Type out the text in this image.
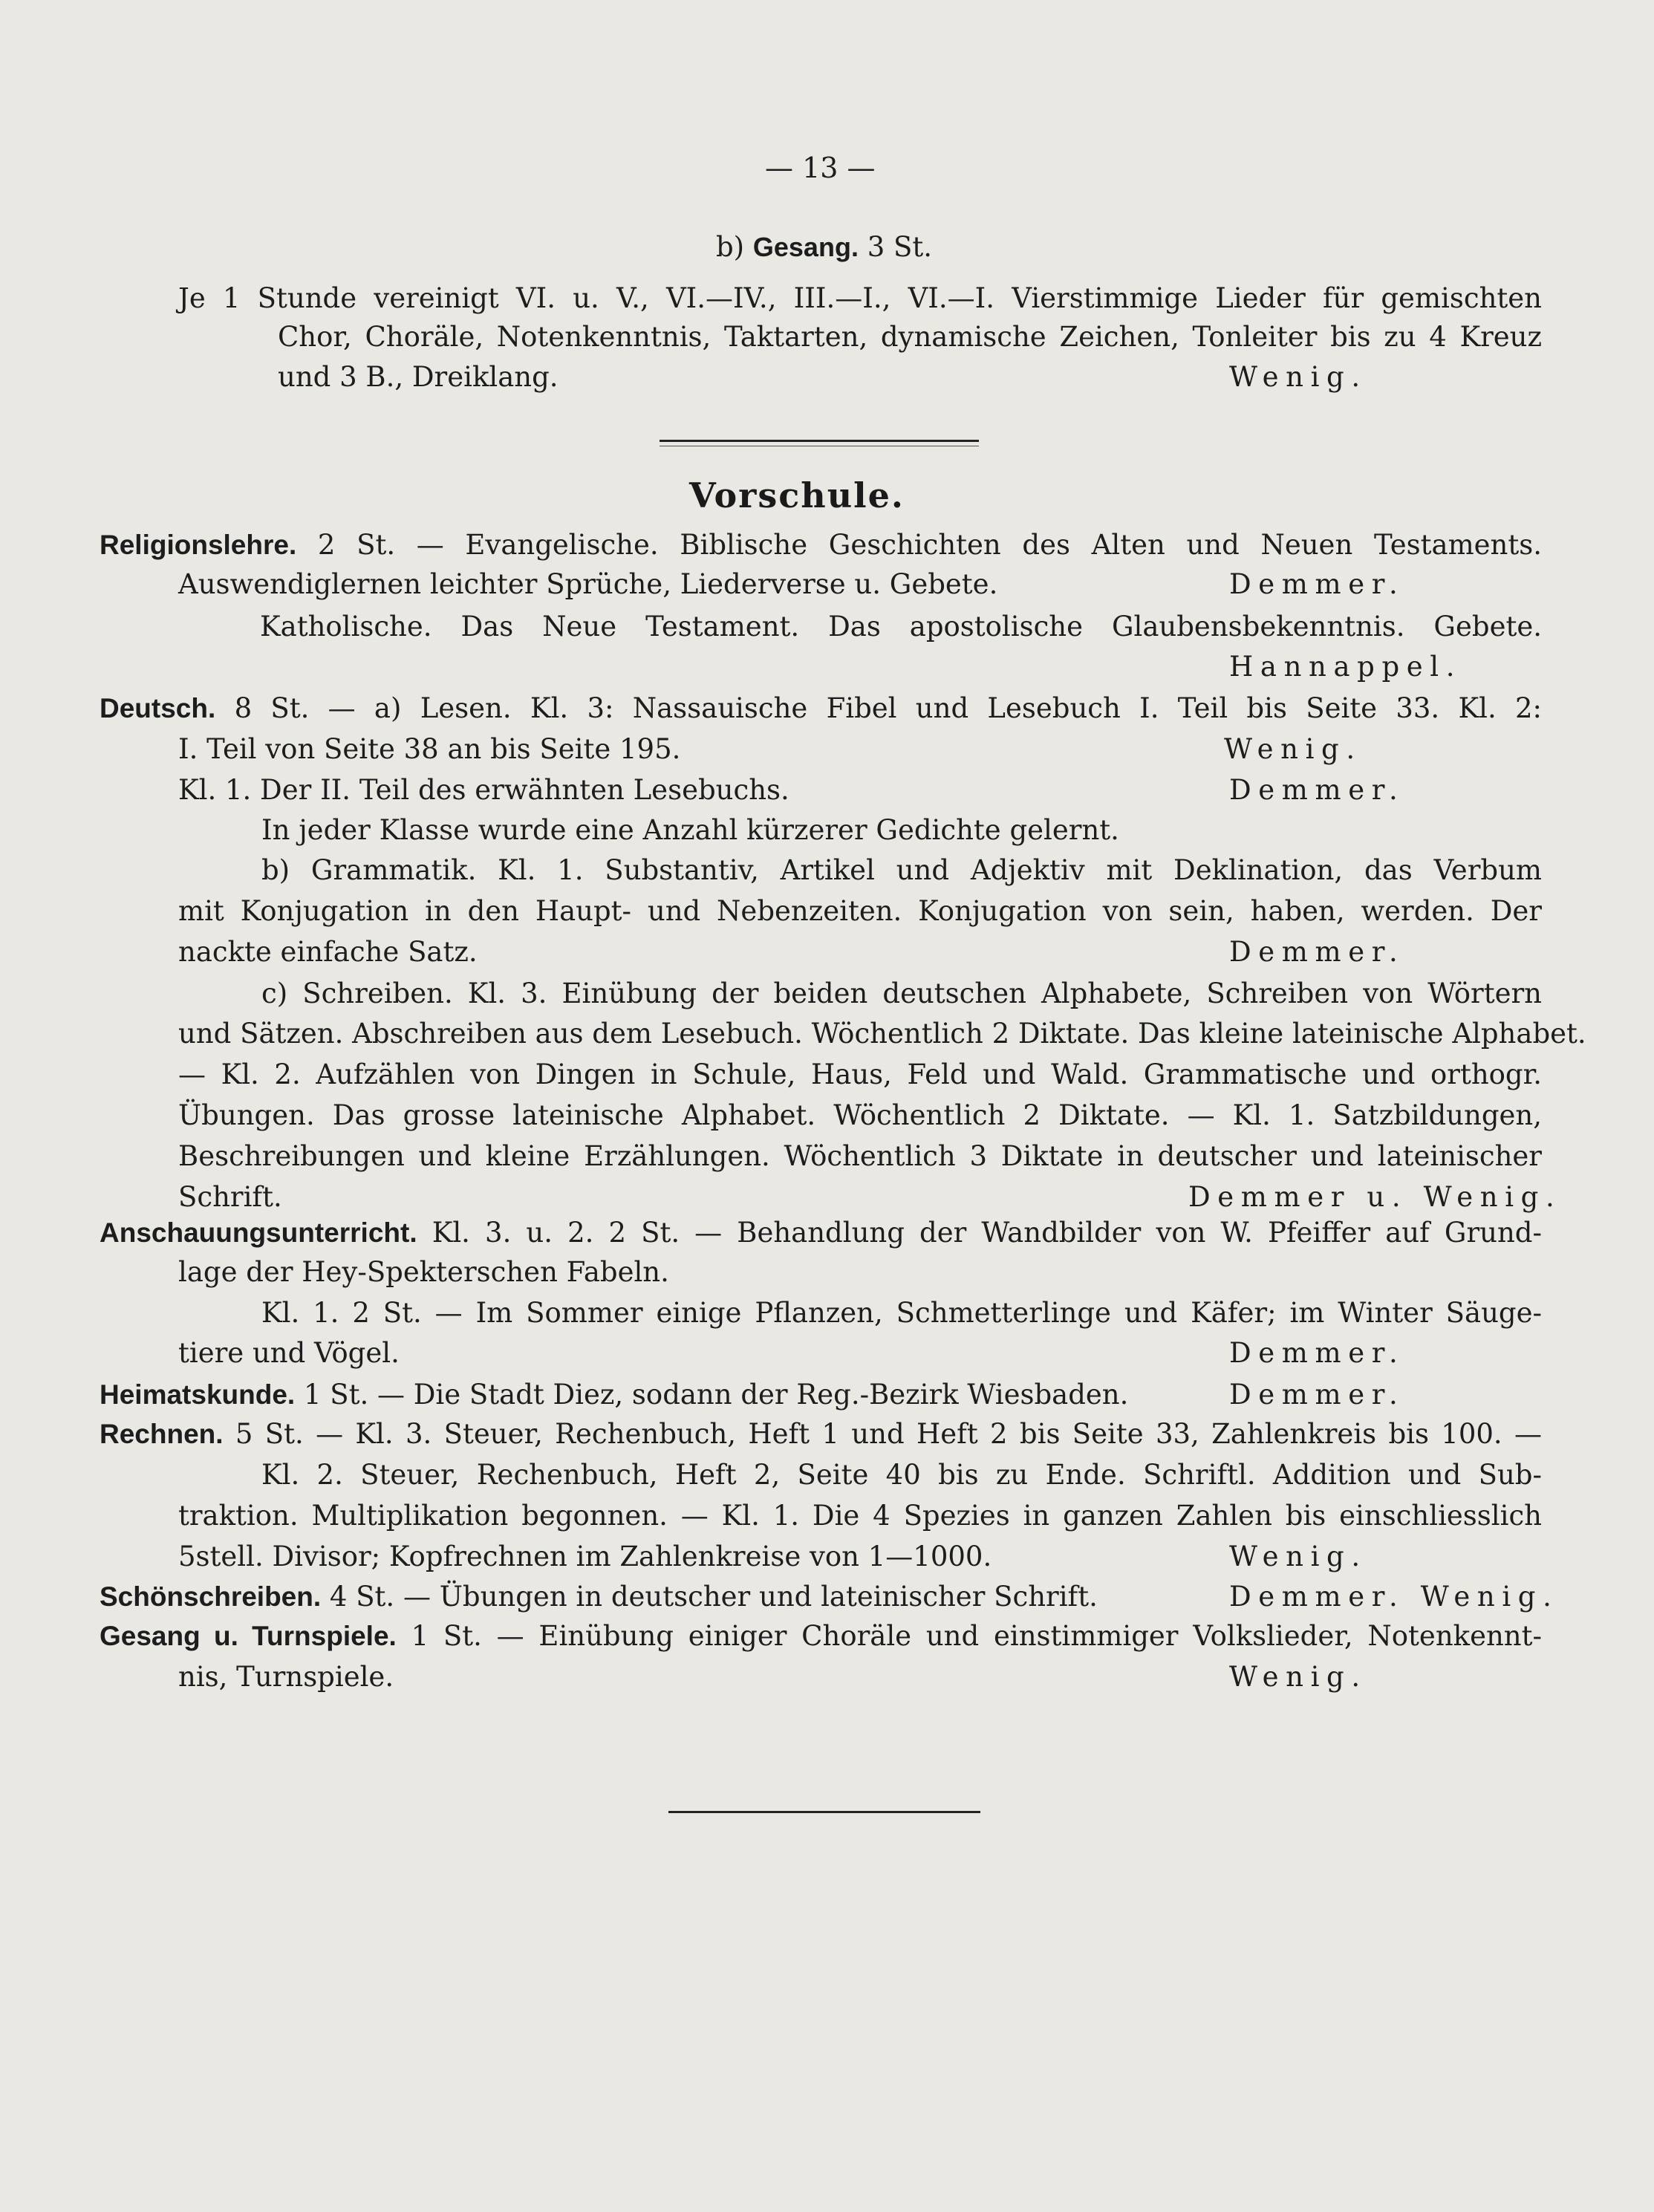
— 13 —
b) Gesang. 3 St.
Je 1 Stunde vereinigt VI. u. V., VI.—IV., III.—I., VI.—I. Vierstimmige Lieder für gemischten
Chor, Choräle, Notenkenntnis, Taktarten, dynamische Zeichen, Tonleiter bis zu 4 Kreuz
und 3 B., Dreiklang.	Wenig.
Vorschule.
Religionslehre. 2 St. — Evangelische. Biblische Geschichten des Alten und Neuen Testaments.
Auswendiglernen leichter Sprüche, Liederverse u. Gebete.	Demmer.
Katholische. Das Neue Testament. Das apostolische Glaubensbekenntnis. Gebete.
Hannappel.
Deutsch. 8 St. — a) Lesen. Kl. 3: Nassauische Fibel und Lesebuch I. Teil bis Seite 33. Kl. 2:
I. Teil von Seite 38 an bis Seite 195.	Wenig.
Kl. 1. Der II. Teil des erwähnten Lesebuchs.	Demmer.
In jeder Klasse wurde eine Anzahl kürzerer Gedichte gelernt.
b) Grammatik. Kl. 1. Substantiv, Artikel und Adjektiv mit Deklination, das Verbum
mit Konjugation in den Haupt- und Nebenzeiten. Konjugation von sein, haben, werden. Der
nackte einfache Satz.	Demmer.
c) Schreiben. Kl. 3. Einübung der beiden deutschen Alphabete, Schreiben von Wörtern
und Sätzen. Abschreiben aus dem Lesebuch. Wöchentlich 2 Diktate. Das kleine lateinische Alphabet.
— Kl. 2. Aufzählen von Dingen in Schule, Haus, Feld und Wald. Grammatische und orthogr.
Übungen. Das grosse lateinische Alphabet. Wöchentlich 2 Diktate. — Kl. 1. Satzbildungen,
Beschreibungen und kleine Erzählungen. Wöchentlich 3 Diktate in deutscher und lateinischer
Schrift.	Demmer u. Wenig.
Anschauungsunterricht. Kl. 3. u. 2. 2 St. — Behandlung der Wandbilder von W. Pfeiffer auf Grund-
lage der Hey-Spekterschen Fabeln.
Kl. 1. 2 St. — Im Sommer einige Pflanzen, Schmetterlinge und Käfer; im Winter Säuge-
tiere und Vögel.	Demmer.
Heimatskunde. 1 St. — Die Stadt Diez, sodann der Reg.-Bezirk Wiesbaden.	Demmer.
Rechnen. 5 St. — Kl. 3. Steuer, Rechenbuch, Heft 1 und Heft 2 bis Seite 33, Zahlenkreis bis 100. —
Kl. 2. Steuer, Rechenbuch, Heft 2, Seite 40 bis zu Ende. Schriftl. Addition und Sub-
traktion. Multiplikation begonnen. — Kl. 1. Die 4 Spezies in ganzen Zahlen bis einschliesslich
5stell. Divisor; Kopfrechnen im Zahlenkreise von 1—1000.	Wenig.
Schönschreiben. 4 St. — Übungen in deutscher und lateinischer Schrift.	Demmer. Wenig.
Gesang u. Turnspiele. 1 St. — Einübung einiger Choräle und einstimmiger Volkslieder, Notenkennt-
nis, Turnspiele.	Wenig.
